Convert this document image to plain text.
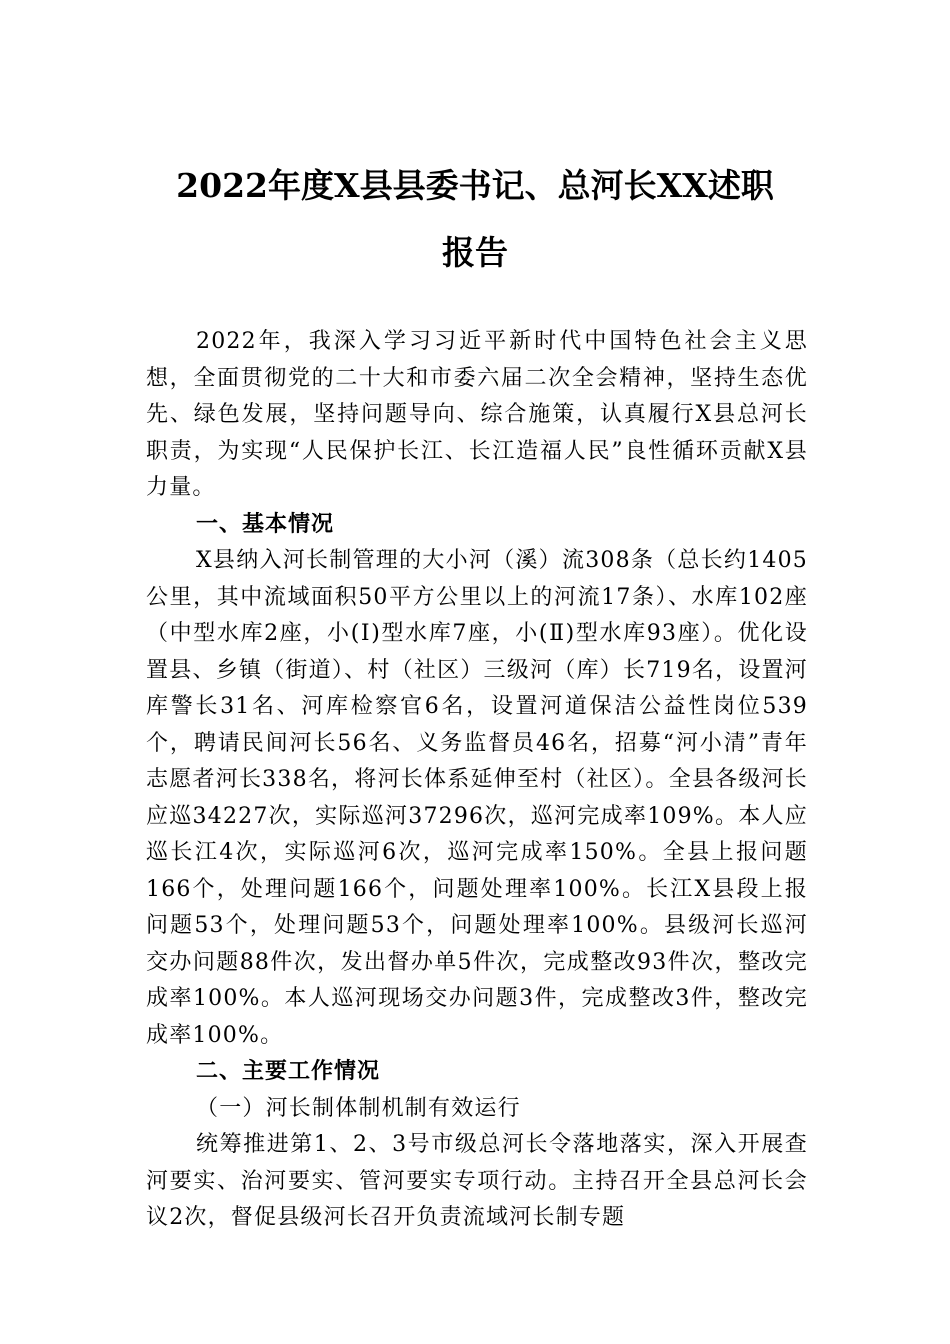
2022年度X县县委书记、总河长XX述职
报告

2022年，我深入学习习近平新时代中国特色社会主义思想，全面贯彻党的二十大和市委六届二次全会精神，坚持生态优先、绿色发展，坚持问题导向、综合施策，认真履行X县总河长职责，为实现“人民保护长江、长江造福人民”良性循环贡献X县力量。

一、基本情况

X县纳入河长制管理的大小河（溪）流308条（总长约1405公里，其中流域面积50平方公里以上的河流17条）、水库102座（中型水库2座，小(Ⅰ)型水库7座，小(Ⅱ)型水库93座）。优化设置县、乡镇（街道）、村（社区）三级河（库）长719名，设置河库警长31名、河库检察官6名，设置河道保洁公益性岗位539个，聘请民间河长56名、义务监督员46名，招募“河小清”青年志愿者河长338名，将河长体系延伸至村（社区）。全县各级河长应巡34227次，实际巡河37296次，巡河完成率109%。本人应巡长江4次，实际巡河6次，巡河完成率150%。全县上报问题166个，处理问题166个，问题处理率100%。长江X县段上报问题53个，处理问题53个，问题处理率100%。县级河长巡河交办问题88件次，发出督办单5件次，完成整改93件次，整改完成率100%。本人巡河现场交办问题3件，完成整改3件，整改完成率100%。

二、主要工作情况

（一）河长制体制机制有效运行

统筹推进第1、2、3号市级总河长令落地落实，深入开展查河要实、治河要实、管河要实专项行动。主持召开全县总河长会议2次，督促县级河长召开负责流域河长制专题
